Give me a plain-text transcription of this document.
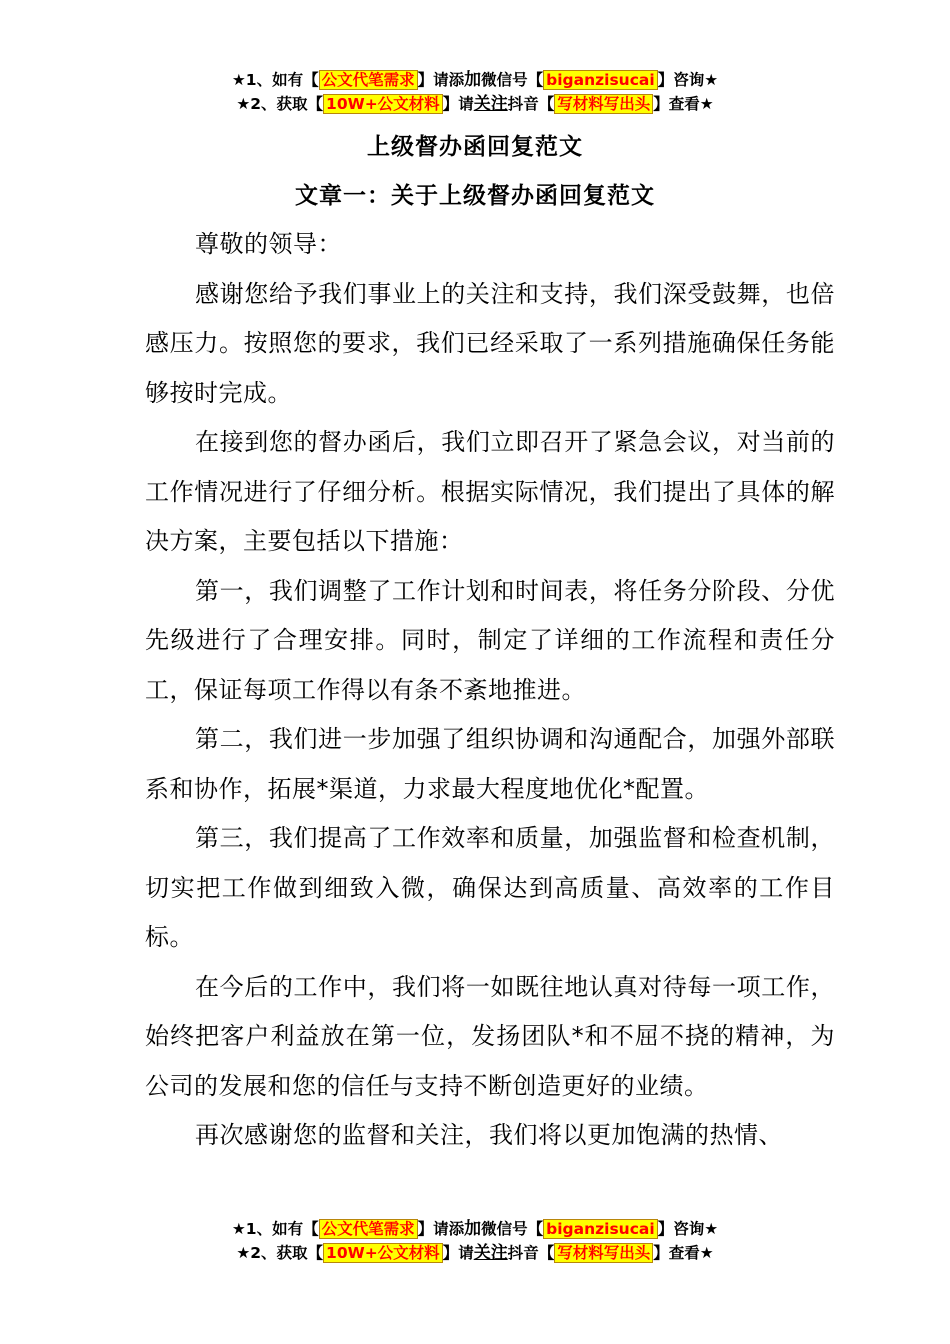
★1、如有【 公文代笔需求 】请添加微信号【 biganzisucai 】咨询★
★2、获取【 10W+公文材料 】请关注抖音【 写材料写出头 】查看★
上级督办函回复范文
文章一：关于上级督办函回复范文

尊敬的领导：

感谢您给予我们事业上的关注和支持，我们深受鼓舞，也倍感压力。按照您的要求，我们已经采取了一系列措施确保任务能够按时完成。

在接到您的督办函后，我们立即召开了紧急会议，对当前的工作情况进行了仔细分析。根据实际情况，我们提出了具体的解决方案，主要包括以下措施：

第一，我们调整了工作计划和时间表，将任务分阶段、分优先级进行了合理安排。同时，制定了详细的工作流程和责任分工，保证每项工作得以有条不紊地推进。

第二，我们进一步加强了组织协调和沟通配合，加强外部联系和协作，拓展*渠道，力求最大程度地优化*配置。

第三，我们提高了工作效率和质量，加强监督和检查机制，切实把工作做到细致入微，确保达到高质量、高效率的工作目标。

在今后的工作中，我们将一如既往地认真对待每一项工作，始终把客户利益放在第一位，发扬团队*和不屈不挠的精神，为公司的发展和您的信任与支持不断创造更好的业绩。

再次感谢您的监督和关注，我们将以更加饱满的热情、

★1、如有【 公文代笔需求 】请添加微信号【 biganzisucai 】咨询★
★2、获取【 10W+公文材料 】请关注抖音【 写材料写出头 】查看★
